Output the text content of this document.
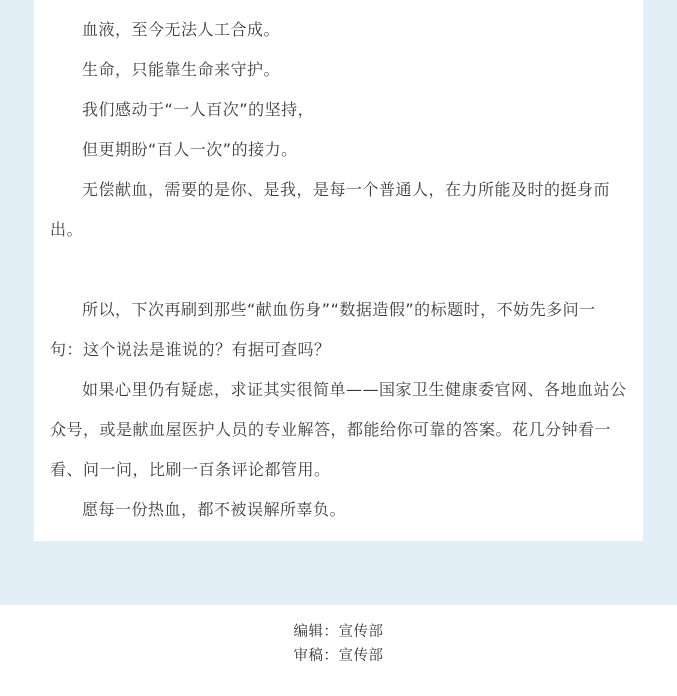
血液，至今无法人工合成。

生命，只能靠生命来守护。

我们感动于“一人百次”的坚持，

但更期盼“百人一次”的接力。

无偿献血，需要的是你、是我，是每一个普通人，在力所能及时的挺身而出。

所以，下次再刷到那些“献血伤身”“数据造假”的标题时，不妨先多问一句：这个说法是谁说的？有据可查吗？

如果心里仍有疑虑，求证其实很简单——国家卫生健康委官网、各地血站公众号，或是献血屋医护人员的专业解答，都能给你可靠的答案。花几分钟看一看、问一问，比刷一百条评论都管用。

愿每一份热血，都不被误解所辜负。

编辑：宣传部
审稿：宣传部
